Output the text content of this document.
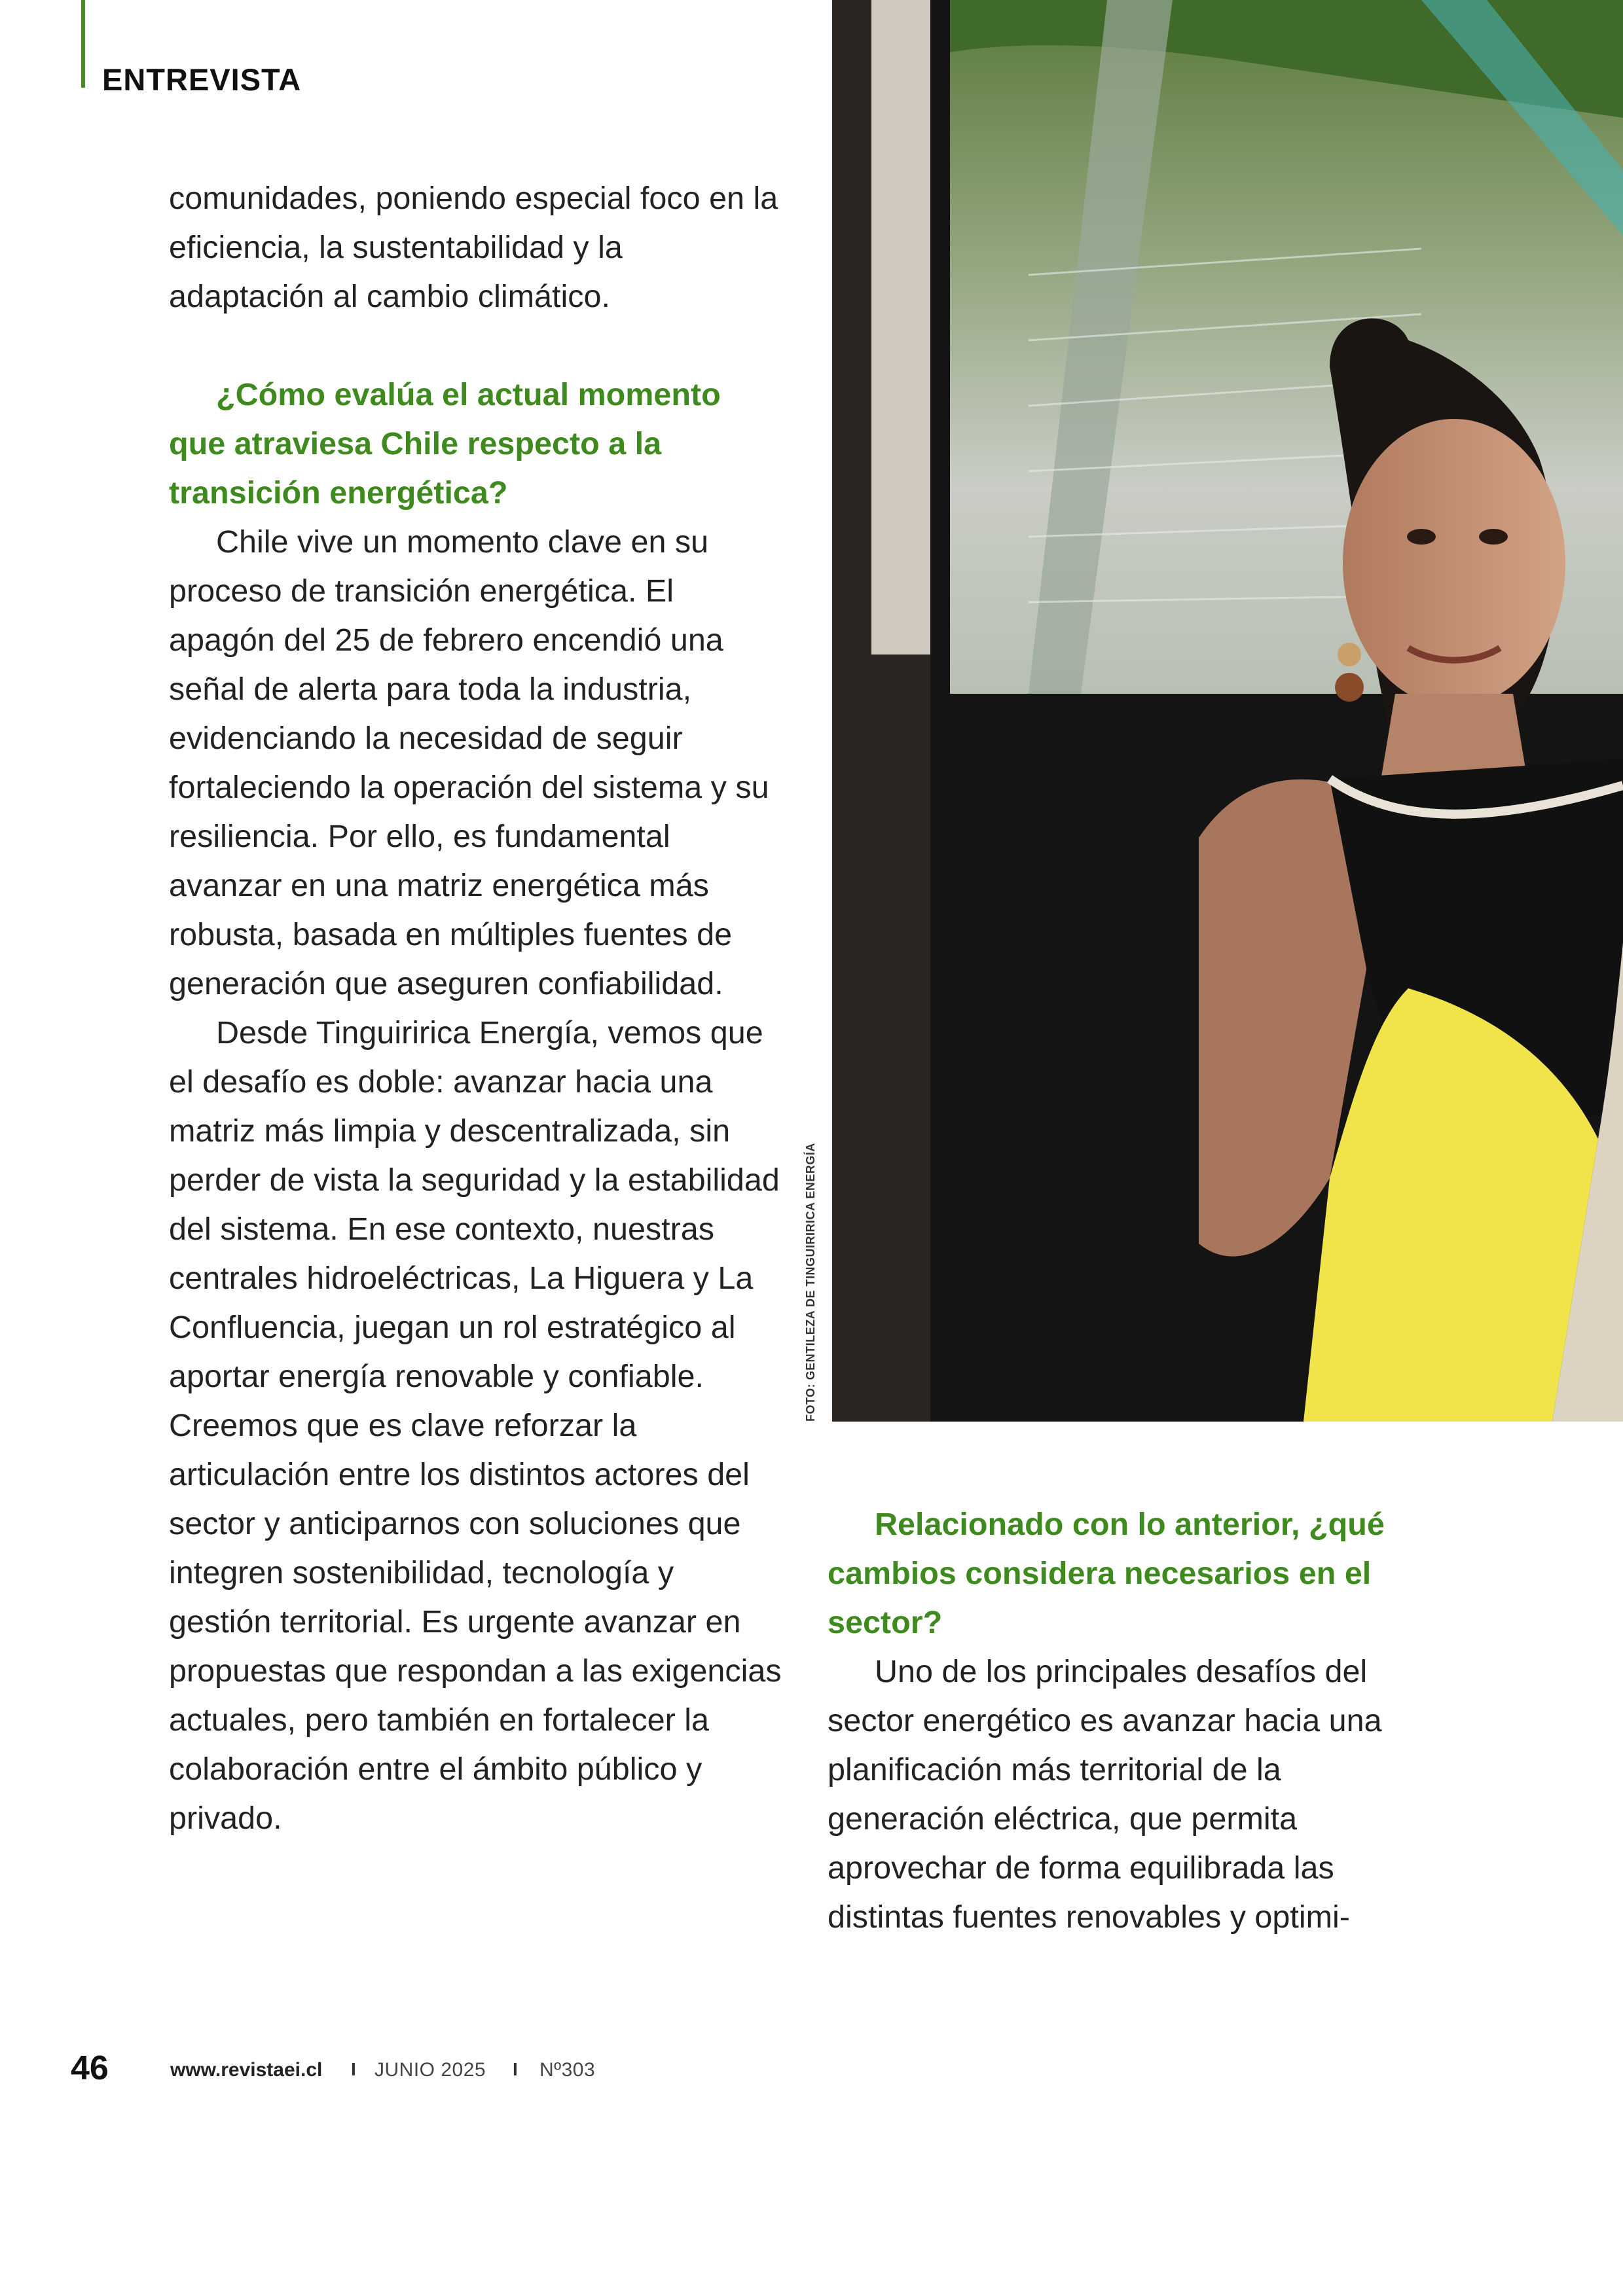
ENTREVISTA

comunidades, poniendo especial foco en la eficiencia, la sustentabilidad y la adaptación al cambio climático.

¿Cómo evalúa el actual momento que atraviesa Chile respecto a la transición energética?

Chile vive un momento clave en su proceso de transición energética. El apagón del 25 de febrero encendió una señal de alerta para toda la industria, evidenciando la necesidad de seguir fortaleciendo la operación del sistema y su resiliencia. Por ello, es fundamental avanzar en una matriz energética más robusta, basada en múltiples fuentes de generación que aseguren confiabilidad.

Desde Tinguiririca Energía, vemos que el desafío es doble: avanzar hacia una matriz más limpia y descentralizada, sin perder de vista la seguridad y la estabilidad del sistema. En ese contexto, nuestras centrales hidroeléctricas, La Higuera y La Confluencia, juegan un rol estratégico al aportar energía renovable y confiable. Creemos que es clave reforzar la articulación entre los distintos actores del sector y anticiparnos con soluciones que integren sostenibilidad, tecnología y gestión territorial. Es urgente avanzar en propuestas que respondan a las exigencias actuales, pero también en fortalecer la colaboración entre el ámbito público y privado.

FOTO: GENTILEZA DE TINGUIRIRICA ENERGÍA

Relacionado con lo anterior, ¿qué cambios considera necesarios en el sector?

Uno de los principales desafíos del sector energético es avanzar hacia una planificación más territorial de la generación eléctrica, que permita aprovechar de forma equilibrada las distintas fuentes renovables y optimi-

46	www.revistaei.cl I JUNIO 2025 I Nº303
